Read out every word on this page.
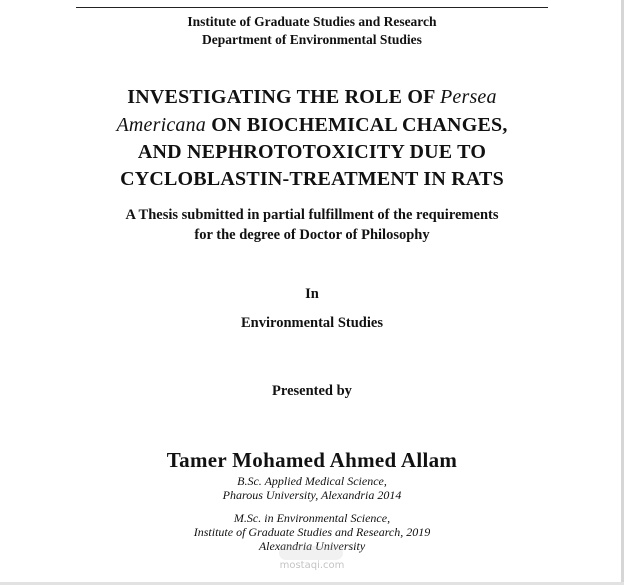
Institute of Graduate Studies and Research
Department of Environmental Studies
INVESTIGATING THE ROLE OF Persea
Americana ON BIOCHEMICAL CHANGES,
AND NEPHROTOTOXICITY DUE TO
CYCLOBLASTIN-TREATMENT IN RATS
A Thesis submitted in partial fulfillment of the requirements
for the degree of Doctor of Philosophy
In
Environmental Studies
Presented by
Tamer Mohamed Ahmed Allam
B.Sc. Applied Medical Science,
Pharous University, Alexandria 2014
M.Sc. in Environmental Science,
Institute of Graduate Studies and Research, 2019
Alexandria University
mostaqi.com
